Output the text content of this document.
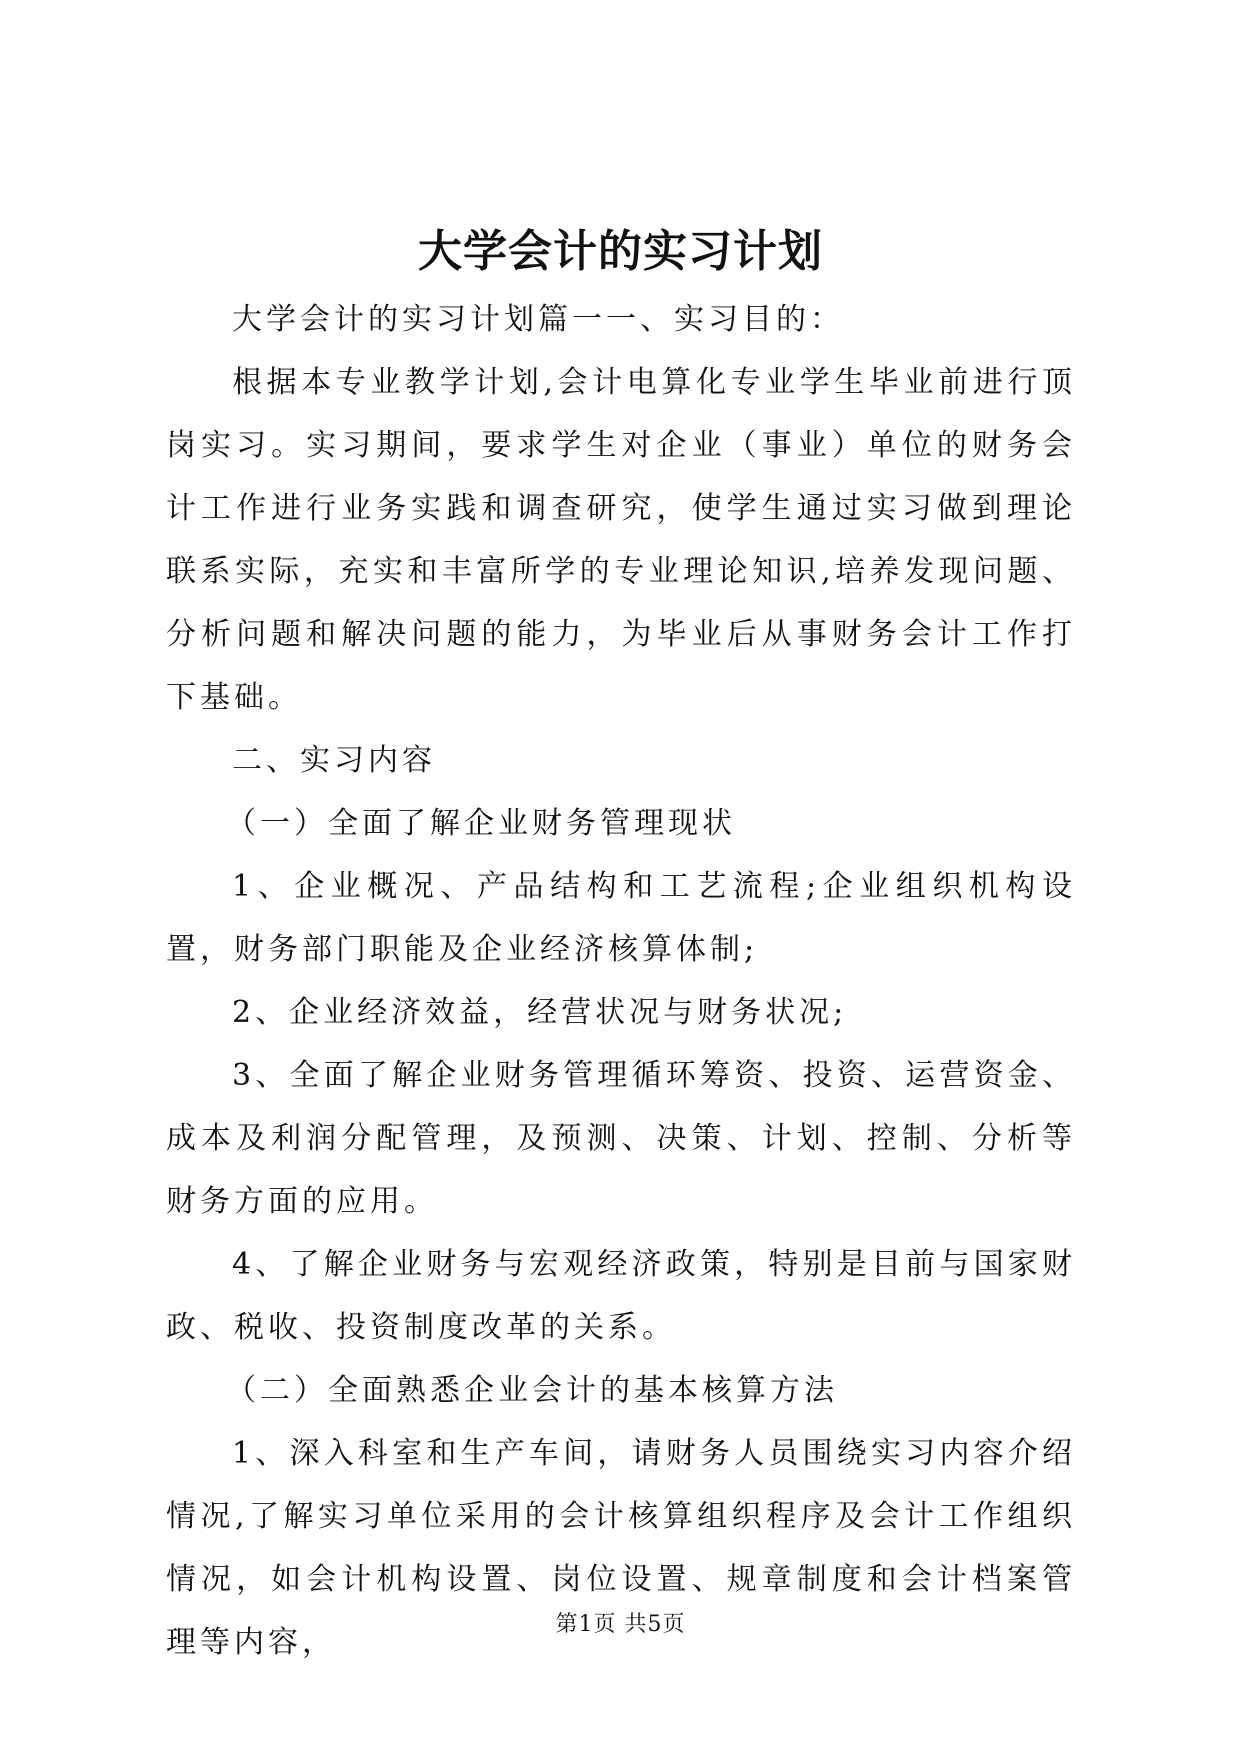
大学会计的实习计划

大学会计的实习计划篇一一、实习目的：

根据本专业教学计划,会计电算化专业学生毕业前进行顶岗实习。实习期间，要求学生对企业（事业）单位的财务会计工作进行业务实践和调查研究，使学生通过实习做到理论联系实际，充实和丰富所学的专业理论知识,培养发现问题、分析问题和解决问题的能力，为毕业后从事财务会计工作打下基础。

二、实习内容

（一）全面了解企业财务管理现状

1、企业概况、产品结构和工艺流程;企业组织机构设置，财务部门职能及企业经济核算体制;

2、企业经济效益，经营状况与财务状况;

3、全面了解企业财务管理循环筹资、投资、运营资金、成本及利润分配管理，及预测、决策、计划、控制、分析等财务方面的应用。

4、了解企业财务与宏观经济政策，特别是目前与国家财政、税收、投资制度改革的关系。

（二）全面熟悉企业会计的基本核算方法

1、深入科室和生产车间，请财务人员围绕实习内容介绍情况,了解实习单位采用的会计核算组织程序及会计工作组织情况，如会计机构设置、岗位设置、规章制度和会计档案管理等内容，

第1页 共5页
